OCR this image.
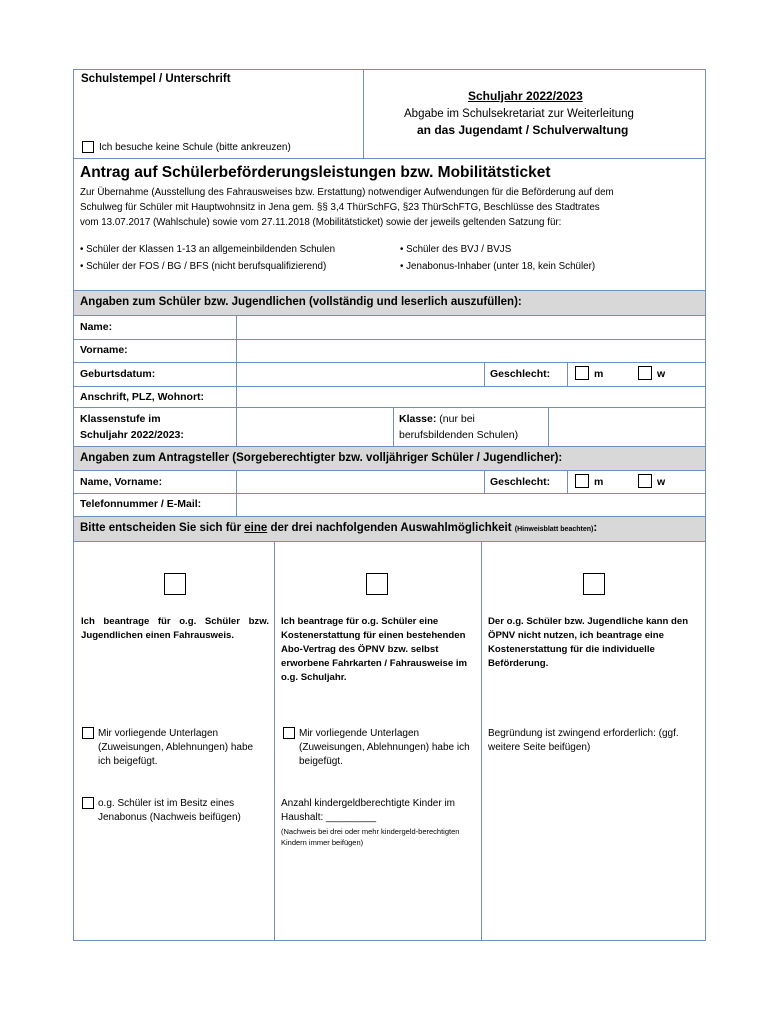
Schulstempel / Unterschrift
Ich besuche keine Schule (bitte ankreuzen)
Schuljahr 2022/2023
Abgabe im Schulsekretariat zur Weiterleitung
an das Jugendamt / Schulverwaltung
Antrag auf Schülerbeförderungsleistungen bzw. Mobilitätsticket
Zur Übernahme (Ausstellung des Fahrausweises bzw. Erstattung) notwendiger Aufwendungen für die Beförderung auf dem
Schulweg für Schüler mit Hauptwohnsitz in Jena gem. §§ 3,4 ThürSchFG, §23 ThürSchFTG, Beschlüsse des Stadtrates
vom 13.07.2017 (Wahlschule) sowie vom 27.11.2018 (Mobilitätsticket) sowie der jeweils geltenden Satzung für:
• Schüler der Klassen 1-13 an allgemeinbildenden Schulen
• Schüler der FOS / BG / BFS (nicht berufsqualifizierend)
• Schüler des BVJ / BVJS
• Jenabonus-Inhaber (unter 18, kein Schüler)
Angaben zum Schüler bzw. Jugendlichen (vollständig und leserlich auszufüllen):
Name:
Vorname:
Geburtsdatum:	Geschlecht:	m	w
Anschrift, PLZ, Wohnort:
Klassenstufe im
Schuljahr 2022/2023:
Klasse: (nur bei
berufsbildenden Schulen)
Angaben zum Antragsteller (Sorgeberechtigter bzw. volljähriger Schüler / Jugendlicher):
Name, Vorname:	Geschlecht:	m	w
Telefonnummer / E-Mail:
Bitte entscheiden Sie sich für eine der drei nachfolgenden Auswahlmöglichkeit (Hinweisblatt beachten):
Ich beantrage für o.g. Schüler bzw. Jugendlichen einen Fahrausweis.
Mir vorliegende Unterlagen (Zuweisungen, Ablehnungen) habe ich beigefügt.
o.g. Schüler ist im Besitz eines Jenabonus (Nachweis beifügen)
Ich beantrage für o.g. Schüler eine Kostenerstattung für einen bestehenden Abo-Vertrag des ÖPNV bzw. selbst erworbene Fahrkarten / Fahrausweise im o.g. Schuljahr.
Mir vorliegende Unterlagen (Zuweisungen, Ablehnungen) habe ich beigefügt.
Anzahl kindergeldberechtigte Kinder im Haushalt: _________
(Nachweis bei drei oder mehr kindergeld-berechtigten Kindern immer beifügen)
Der o.g. Schüler bzw. Jugendliche kann den ÖPNV nicht nutzen, ich beantrage eine Kostenerstattung für die individuelle Beförderung.
Begründung ist zwingend erforderlich: (ggf. weitere Seite beifügen)
